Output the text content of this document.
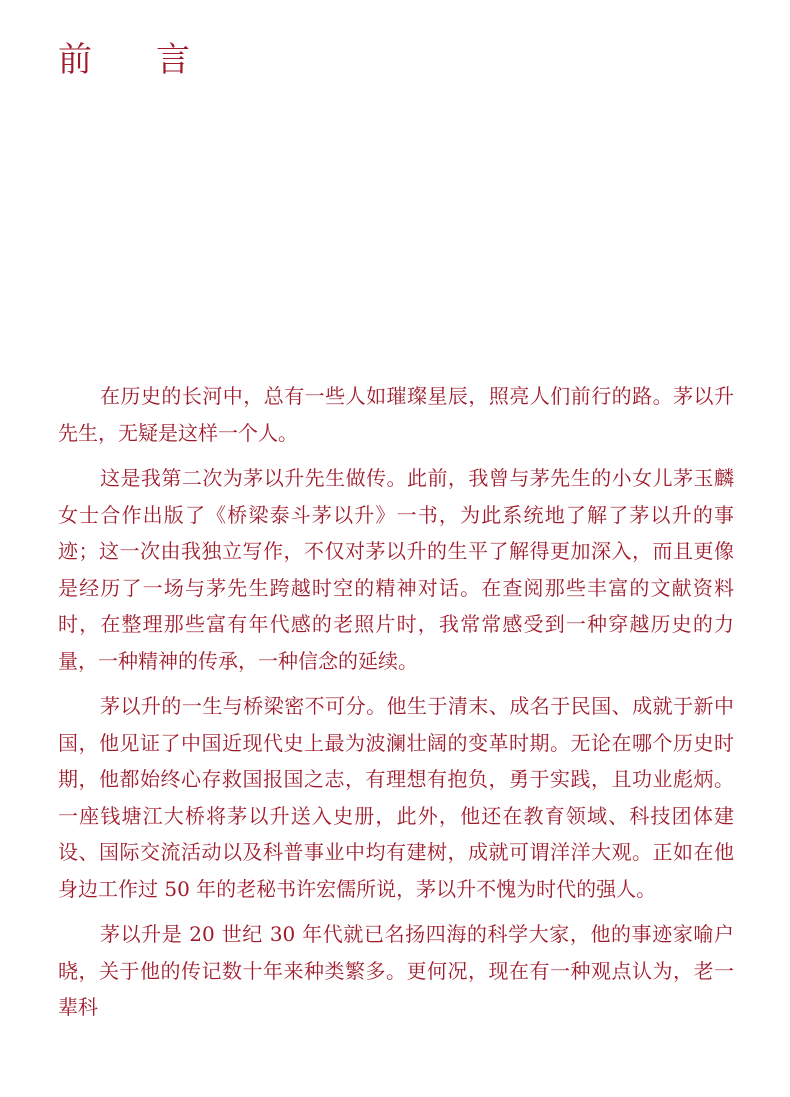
前　言

在历史的长河中，总有一些人如璀璨星辰，照亮人们前行的路。茅以升先生，无疑是这样一个人。

这是我第二次为茅以升先生做传。此前，我曾与茅先生的小女儿茅玉麟女士合作出版了《桥梁泰斗茅以升》一书，为此系统地了解了茅以升的事迹；这一次由我独立写作，不仅对茅以升的生平了解得更加深入，而且更像是经历了一场与茅先生跨越时空的精神对话。在查阅那些丰富的文献资料时，在整理那些富有年代感的老照片时，我常常感受到一种穿越历史的力量，一种精神的传承，一种信念的延续。

茅以升的一生与桥梁密不可分。他生于清末、成名于民国、成就于新中国，他见证了中国近现代史上最为波澜壮阔的变革时期。无论在哪个历史时期，他都始终心存救国报国之志，有理想有抱负，勇于实践，且功业彪炳。一座钱塘江大桥将茅以升送入史册，此外，他还在教育领域、科技团体建设、国际交流活动以及科普事业中均有建树，成就可谓洋洋大观。正如在他身边工作过 50 年的老秘书许宏儒所说，茅以升不愧为时代的强人。

茅以升是 20 世纪 30 年代就已名扬四海的科学大家，他的事迹家喻户晓，关于他的传记数十年来种类繁多。更何况，现在有一种观点认为，老一辈科
